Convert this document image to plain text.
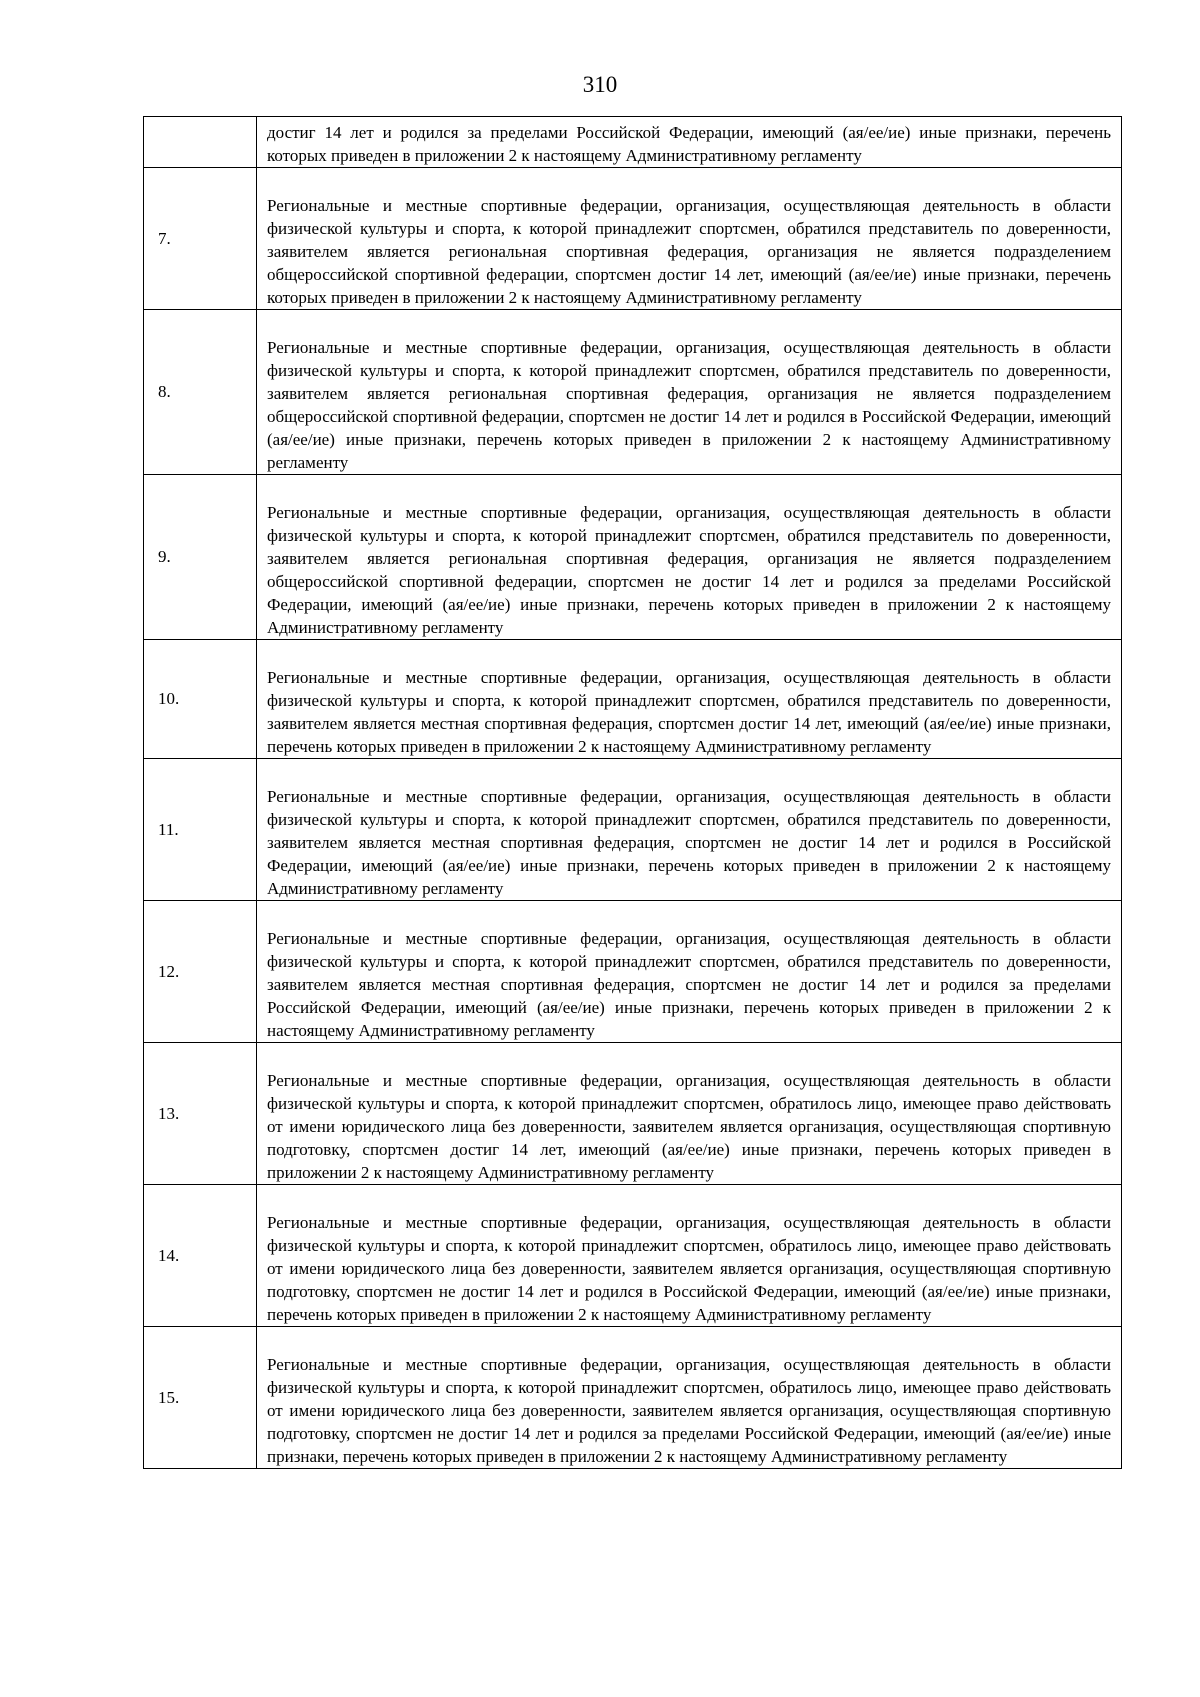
310
	достиг 14 лет и родился за пределами Российской Федерации, имеющий (ая/ее/ие) иные признаки, перечень которых приведен в приложении 2 к настоящему Административному регламенту
7.	Региональные и местные спортивные федерации, организация, осуществляющая деятельность в области физической культуры и спорта, к которой принадлежит спортсмен, обратился представитель по доверенности, заявителем является региональная спортивная федерация, организация не является подразделением общероссийской спортивной федерации, спортсмен достиг 14 лет, имеющий (ая/ее/ие) иные признаки, перечень которых приведен в приложении 2 к настоящему Административному регламенту
8.	Региональные и местные спортивные федерации, организация, осуществляющая деятельность в области физической культуры и спорта, к которой принадлежит спортсмен, обратился представитель по доверенности, заявителем является региональная спортивная федерация, организация не является подразделением общероссийской спортивной федерации, спортсмен не достиг 14 лет и родился в Российской Федерации, имеющий (ая/ее/ие) иные признаки, перечень которых приведен в приложении 2 к настоящему Административному регламенту
9.	Региональные и местные спортивные федерации, организация, осуществляющая деятельность в области физической культуры и спорта, к которой принадлежит спортсмен, обратился представитель по доверенности, заявителем является региональная спортивная федерация, организация не является подразделением общероссийской спортивной федерации, спортсмен не достиг 14 лет и родился за пределами Российской Федерации, имеющий (ая/ее/ие) иные признаки, перечень которых приведен в приложении 2 к настоящему Административному регламенту
10.	Региональные и местные спортивные федерации, организация, осуществляющая деятельность в области физической культуры и спорта, к которой принадлежит спортсмен, обратился представитель по доверенности, заявителем является местная спортивная федерация, спортсмен достиг 14 лет, имеющий (ая/ее/ие) иные признаки, перечень которых приведен в приложении 2 к настоящему Административному регламенту
11.	Региональные и местные спортивные федерации, организация, осуществляющая деятельность в области физической культуры и спорта, к которой принадлежит спортсмен, обратился представитель по доверенности, заявителем является местная спортивная федерация, спортсмен не достиг 14 лет и родился в Российской Федерации, имеющий (ая/ее/ие) иные признаки, перечень которых приведен в приложении 2 к настоящему Административному регламенту
12.	Региональные и местные спортивные федерации, организация, осуществляющая деятельность в области физической культуры и спорта, к которой принадлежит спортсмен, обратился представитель по доверенности, заявителем является местная спортивная федерация, спортсмен не достиг 14 лет и родился за пределами Российской Федерации, имеющий (ая/ее/ие) иные признаки, перечень которых приведен в приложении 2 к настоящему Административному регламенту
13.	Региональные и местные спортивные федерации, организация, осуществляющая деятельность в области физической культуры и спорта, к которой принадлежит спортсмен, обратилось лицо, имеющее право действовать от имени юридического лица без доверенности, заявителем является организация, осуществляющая спортивную подготовку, спортсмен достиг 14 лет, имеющий (ая/ее/ие) иные признаки, перечень которых приведен в приложении 2 к настоящему Административному регламенту
14.	Региональные и местные спортивные федерации, организация, осуществляющая деятельность в области физической культуры и спорта, к которой принадлежит спортсмен, обратилось лицо, имеющее право действовать от имени юридического лица без доверенности, заявителем является организация, осуществляющая спортивную подготовку, спортсмен не достиг 14 лет и родился в Российской Федерации, имеющий (ая/ее/ие) иные признаки, перечень которых приведен в приложении 2 к настоящему Административному регламенту
15.	Региональные и местные спортивные федерации, организация, осуществляющая деятельность в области физической культуры и спорта, к которой принадлежит спортсмен, обратилось лицо, имеющее право действовать от имени юридического лица без доверенности, заявителем является организация, осуществляющая спортивную подготовку, спортсмен не достиг 14 лет и родился за пределами Российской Федерации, имеющий (ая/ее/ие) иные признаки, перечень которых приведен в приложении 2 к настоящему Административному регламенту
